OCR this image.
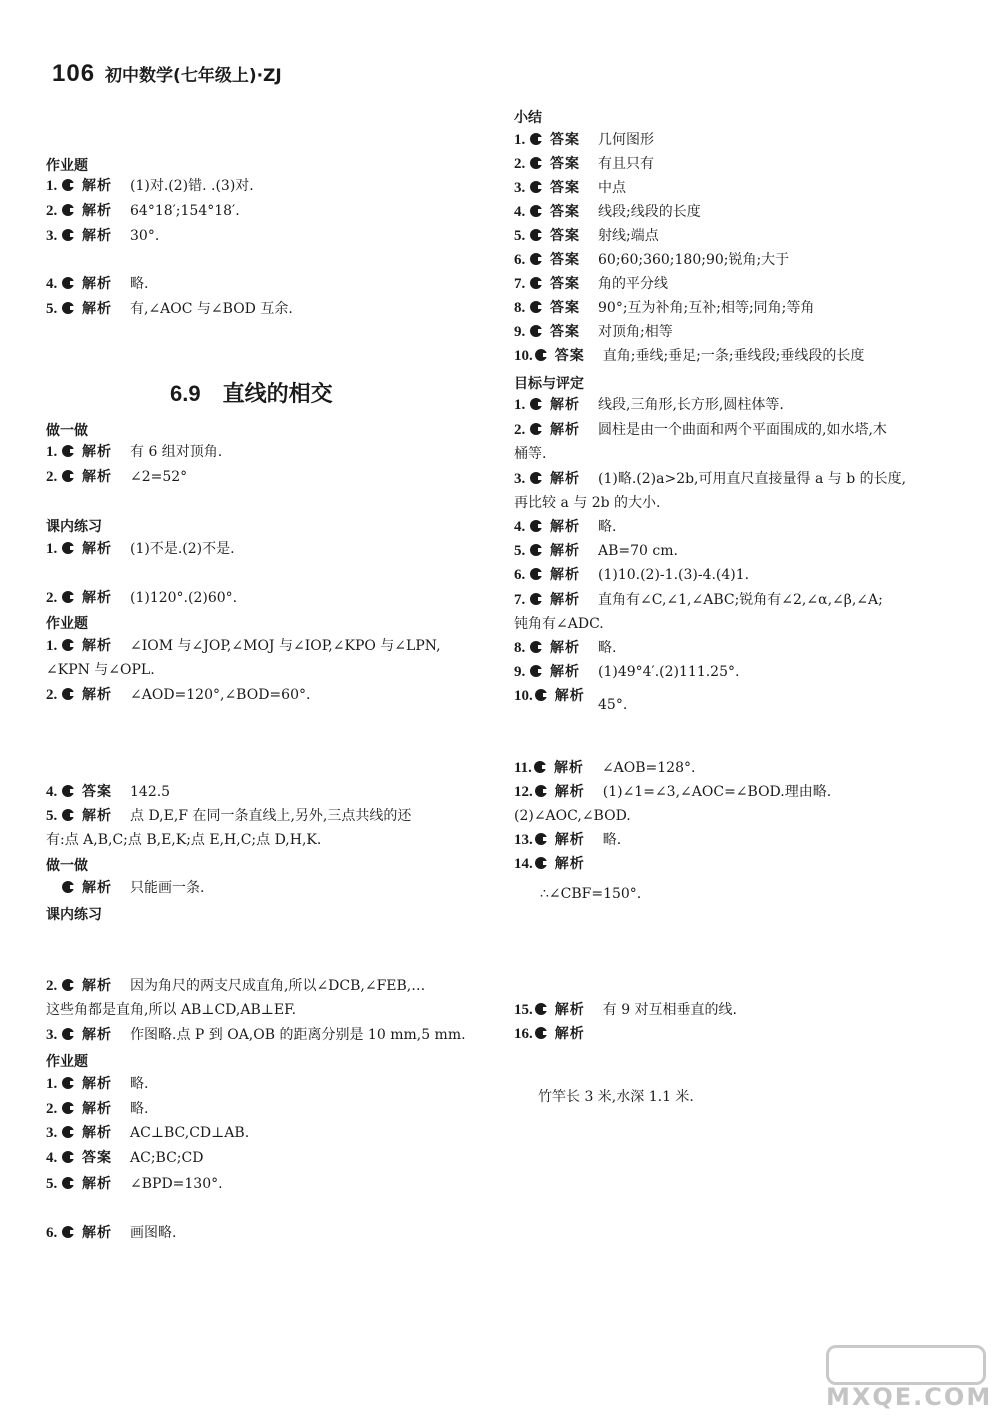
106 初中数学(七年级上)·ZJ
作业题
1. 解析 (1)对.(2)错. .(3)对.
2. 解析 64°18′;154°18′.
3. 解析 30°.
4. 解析 略.
5. 解析 有,∠AOC 与∠BOD 互余.
做一做
1. 解析 有 6 组对顶角.
2. 解析 ∠2=52°
课内练习
1. 解析 (1)不是.(2)不是.
2. 解析 (1)120°.(2)60°.
作业题
1. 解析 ∠IOM 与∠JOP,∠MOJ 与∠IOP,∠KPO 与∠LPN,
∠KPN 与∠OPL.
2. 解析 ∠AOD=120°,∠BOD=60°.
4. 答案 142.5
5. 解析 点 D,E,F 在同一条直线上,另外,三点共线的还
有:点 A,B,C;点 B,E,K;点 E,H,C;点 D,H,K.
做一做
解析 只能画一条.
课内练习
2. 解析 因为角尺的两支尺成直角,所以∠DCB,∠FEB,…
这些角都是直角,所以 AB⊥CD,AB⊥EF.
3. 解析 作图略.点 P 到 OA,OB 的距离分别是 10 mm,5 mm.
作业题
1. 解析 略.
2. 解析 略.
3. 解析 AC⊥BC,CD⊥AB.
4. 答案 AC;BC;CD
5. 解析 ∠BPD=130°.
6. 解析 画图略.
6.9 直线的相交
小结
1. 答案 几何图形
2. 答案 有且只有
3. 答案 中点
4. 答案 线段;线段的长度
5. 答案 射线;端点
6. 答案 60;60;360;180;90;锐角;大于
7. 答案 角的平分线
8. 答案 90°;互为补角;互补;相等;同角;等角
9. 答案 对顶角;相等
10. 答案 直角;垂线;垂足;一条;垂线段;垂线段的长度
目标与评定
1. 解析 线段,三角形,长方形,圆柱体等.
2. 解析 圆柱是由一个曲面和两个平面围成的,如水塔,木
桶等.
3. 解析 (1)略.(2)a>2b,可用直尺直接量得 a 与 b 的长度,
再比较 a 与 2b 的大小.
4. 解析 略.
5. 解析 AB=70 cm.
6. 解析 (1)10.(2)-1.(3)-4.(4)1.
7. 解析 直角有∠C,∠1,∠ABC;锐角有∠2,∠α,∠β,∠A;
钝角有∠ADC.
8. 解析 略.
9. 解析 (1)49°4′.(2)111.25°.
10. 解析
45°.
11. 解析 ∠AOB=128°.
12. 解析 (1)∠1=∠3,∠AOC=∠BOD.理由略.
(2)∠AOC,∠BOD.
13. 解析 略.
14. 解析
∴∠CBF=150°.
15. 解析 有 9 对互相垂直的线.
16. 解析
竹竿长 3 米,水深 1.1 米.
MXQE.COM
